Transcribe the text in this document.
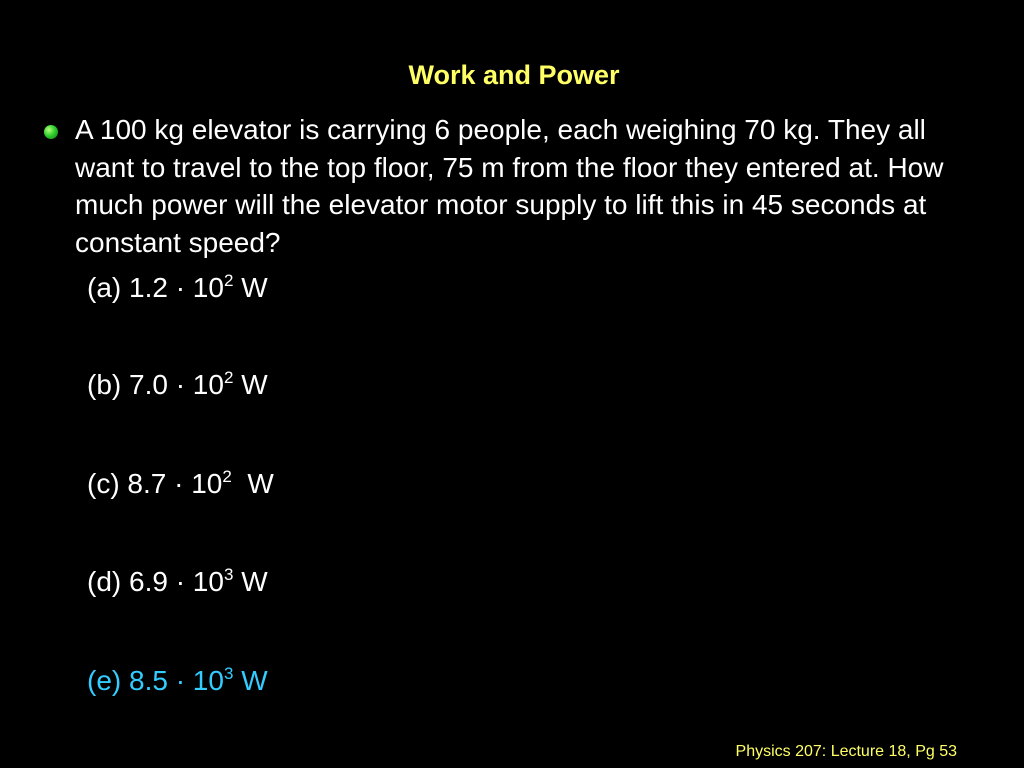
Work and Power
A 100 kg elevator is carrying 6 people, each weighing 70 kg. They all want to travel to the top floor, 75 m from the floor they entered at. How much power will the elevator motor supply to lift this in 45 seconds at constant speed?
(a) $1.2 \cdot 10^2$ W
(b) $7.0 \cdot 10^2$ W
(c) $8.7 \cdot 10^2$  W
(d) $6.9 \cdot 10^3$ W
(e) $8.5 \cdot 10^3$ W
Physics 207: Lecture 18, Pg 53
